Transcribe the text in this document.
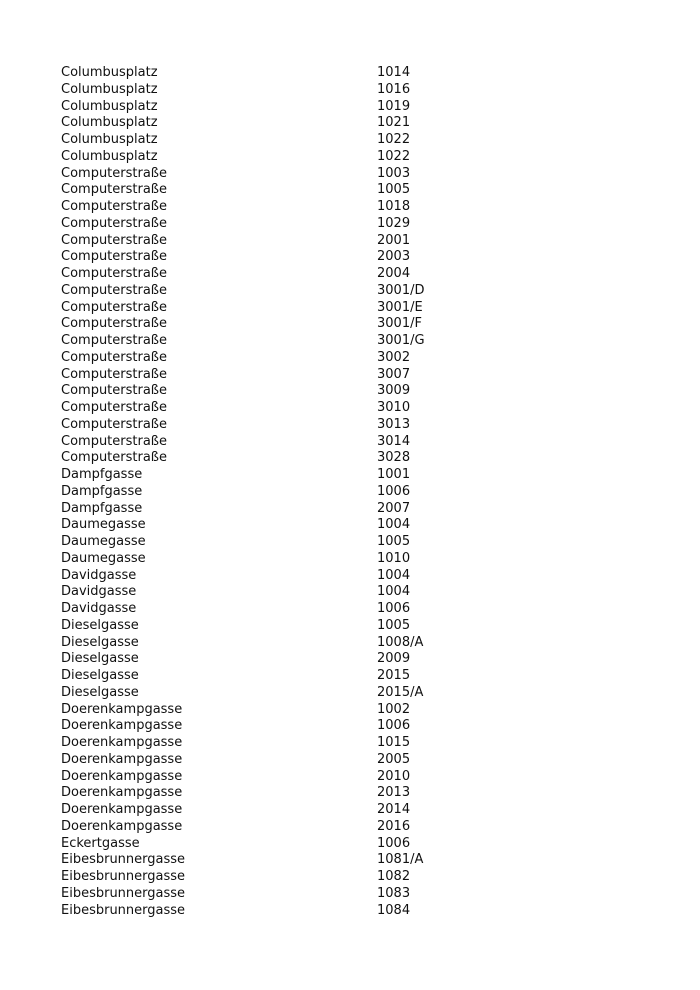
Columbusplatz	1014
Columbusplatz	1016
Columbusplatz	1019
Columbusplatz	1021
Columbusplatz	1022
Columbusplatz	1022
Computerstraße	1003
Computerstraße	1005
Computerstraße	1018
Computerstraße	1029
Computerstraße	2001
Computerstraße	2003
Computerstraße	2004
Computerstraße	3001/D
Computerstraße	3001/E
Computerstraße	3001/F
Computerstraße	3001/G
Computerstraße	3002
Computerstraße	3007
Computerstraße	3009
Computerstraße	3010
Computerstraße	3013
Computerstraße	3014
Computerstraße	3028
Dampfgasse	1001
Dampfgasse	1006
Dampfgasse	2007
Daumegasse	1004
Daumegasse	1005
Daumegasse	1010
Davidgasse	1004
Davidgasse	1004
Davidgasse	1006
Dieselgasse	1005
Dieselgasse	1008/A
Dieselgasse	2009
Dieselgasse	2015
Dieselgasse	2015/A
Doerenkampgasse	1002
Doerenkampgasse	1006
Doerenkampgasse	1015
Doerenkampgasse	2005
Doerenkampgasse	2010
Doerenkampgasse	2013
Doerenkampgasse	2014
Doerenkampgasse	2016
Eckertgasse	1006
Eibesbrunnergasse	1081/A
Eibesbrunnergasse	1082
Eibesbrunnergasse	1083
Eibesbrunnergasse	1084
